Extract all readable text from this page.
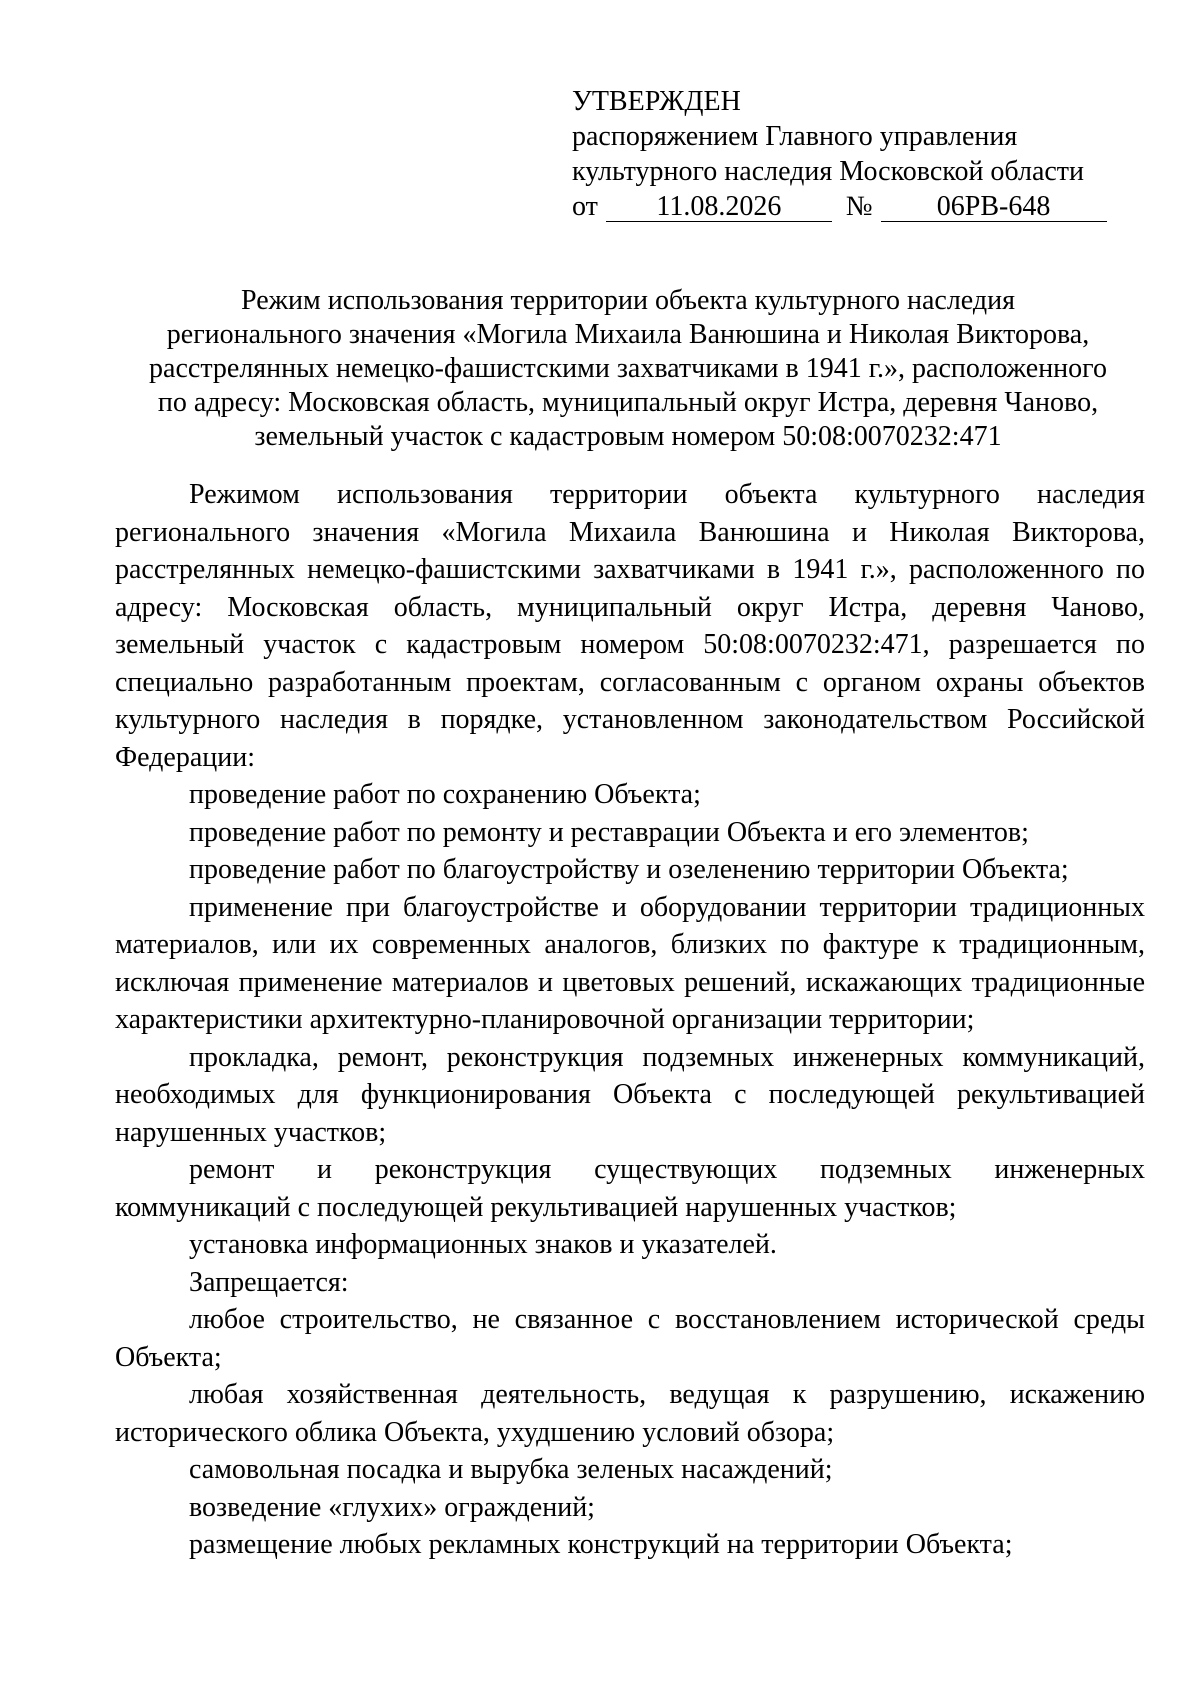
УТВЕРЖДЕН
распоряжением Главного управления
культурного наследия Московской области
от	11.08.2026	№	06РВ-648
Режим использования территории объекта культурного наследия
регионального значения «Могила Михаила Ванюшина и Николая Викторова,
расстрелянных немецко-фашистскими захватчиками в 1941 г.», расположенного
по адресу: Московская область, муниципальный округ Истра, деревня Чаново,
земельный участок с кадастровым номером 50:08:0070232:471

Режимом использования территории объекта культурного наследия регионального значения «Могила Михаила Ванюшина и Николая Викторова, расстрелянных немецко-фашистскими захватчиками в 1941 г.», расположенного по адресу: Московская область, муниципальный округ Истра, деревня Чаново, земельный участок с кадастровым номером 50:08:0070232:471, разрешается по специально разработанным проектам, согласованным с органом охраны объектов культурного наследия в порядке, установленном законодательством Российской Федерации:

проведение работ по сохранению Объекта;

проведение работ по ремонту и реставрации Объекта и его элементов;

проведение работ по благоустройству и озеленению территории Объекта;

применение при благоустройстве и оборудовании территории традиционных материалов, или их современных аналогов, близких по фактуре к традиционным, исключая применение материалов и цветовых решений, искажающих традиционные характеристики архитектурно-планировочной организации территории;

прокладка, ремонт, реконструкция подземных инженерных коммуникаций, необходимых для функционирования Объекта с последующей рекультивацией нарушенных участков;

ремонт и реконструкция существующих подземных инженерных коммуникаций с последующей рекультивацией нарушенных участков;

установка информационных знаков и указателей.

Запрещается:

любое строительство, не связанное с восстановлением исторической среды Объекта;

любая хозяйственная деятельность, ведущая к разрушению, искажению исторического облика Объекта, ухудшению условий обзора;

самовольная посадка и вырубка зеленых насаждений;

возведение «глухих» ограждений;

размещение любых рекламных конструкций на территории Объекта;
